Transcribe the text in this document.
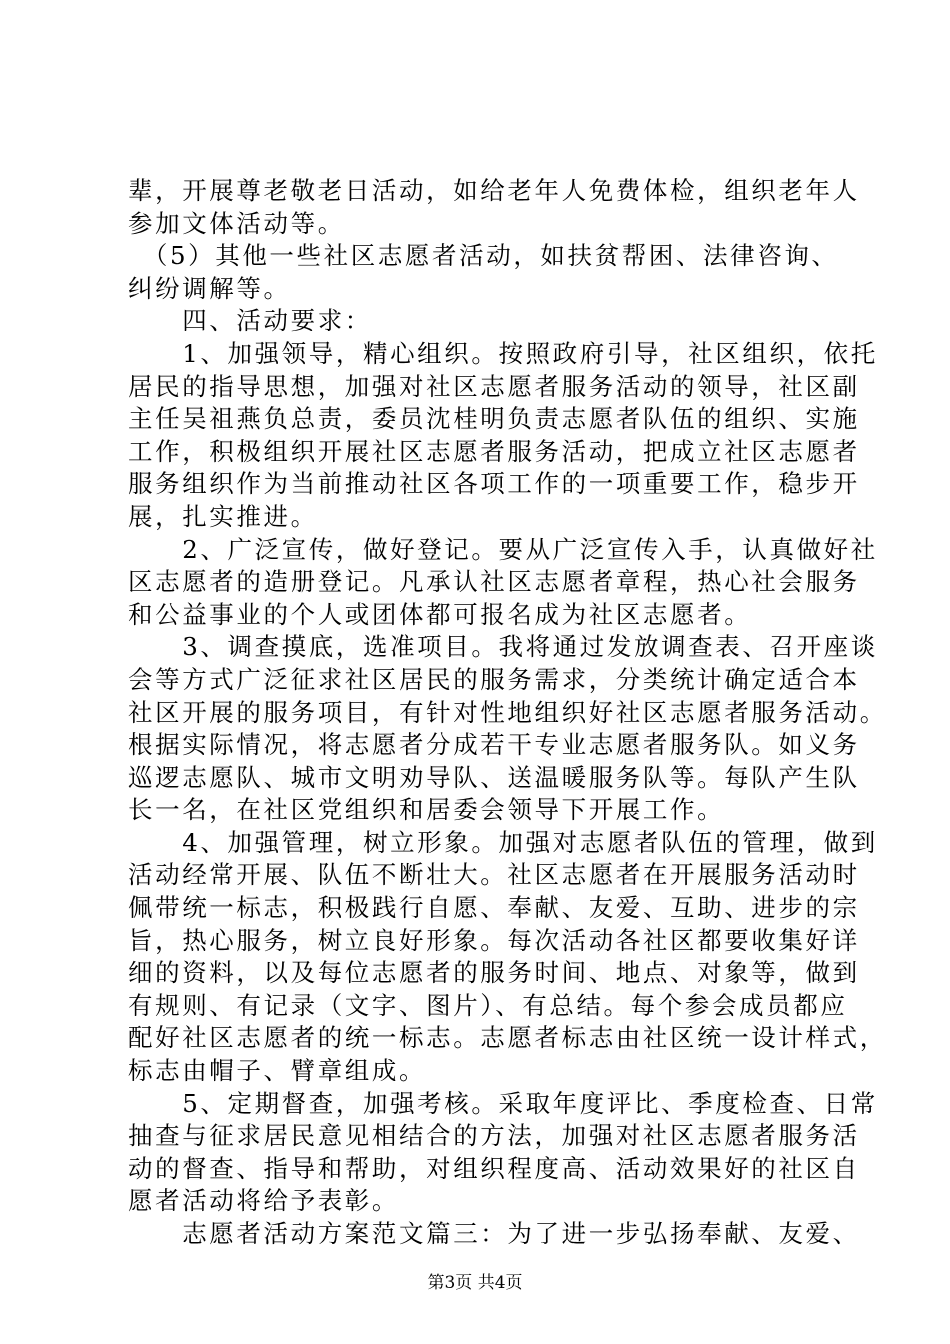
辈，开展尊老敬老日活动，如给老年人免费体检，组织老年人
参加文体活动等。
　（5）其他一些社区志愿者活动，如扶贫帮困、法律咨询、
纠纷调解等。
　　四、活动要求：
　　1、加强领导，精心组织。按照政府引导，社区组织，依托
居民的指导思想，加强对社区志愿者服务活动的领导，社区副
主任吴祖燕负总责，委员沈桂明负责志愿者队伍的组织、实施
工作，积极组织开展社区志愿者服务活动，把成立社区志愿者
服务组织作为当前推动社区各项工作的一项重要工作，稳步开
展，扎实推进。
　　2、广泛宣传，做好登记。要从广泛宣传入手，认真做好社
区志愿者的造册登记。凡承认社区志愿者章程，热心社会服务
和公益事业的个人或团体都可报名成为社区志愿者。
　　3、调查摸底，选准项目。我将通过发放调查表、召开座谈
会等方式广泛征求社区居民的服务需求，分类统计确定适合本
社区开展的服务项目，有针对性地组织好社区志愿者服务活动。
根据实际情况，将志愿者分成若干专业志愿者服务队。如义务
巡逻志愿队、城市文明劝导队、送温暖服务队等。每队产生队
长一名，在社区党组织和居委会领导下开展工作。
　　4、加强管理，树立形象。加强对志愿者队伍的管理，做到
活动经常开展、队伍不断壮大。社区志愿者在开展服务活动时
佩带统一标志，积极践行自愿、奉献、友爱、互助、进步的宗
旨，热心服务，树立良好形象。每次活动各社区都要收集好详
细的资料，以及每位志愿者的服务时间、地点、对象等，做到
有规则、有记录（文字、图片）、有总结。每个参会成员都应
配好社区志愿者的统一标志。志愿者标志由社区统一设计样式，
标志由帽子、臂章组成。
　　5、定期督查，加强考核。采取年度评比、季度检查、日常
抽查与征求居民意见相结合的方法，加强对社区志愿者服务活
动的督查、指导和帮助，对组织程度高、活动效果好的社区自
愿者活动将给予表彰。
　　志愿者活动方案范文篇三：为了进一步弘扬奉献、友爱、
第3页 共4页
